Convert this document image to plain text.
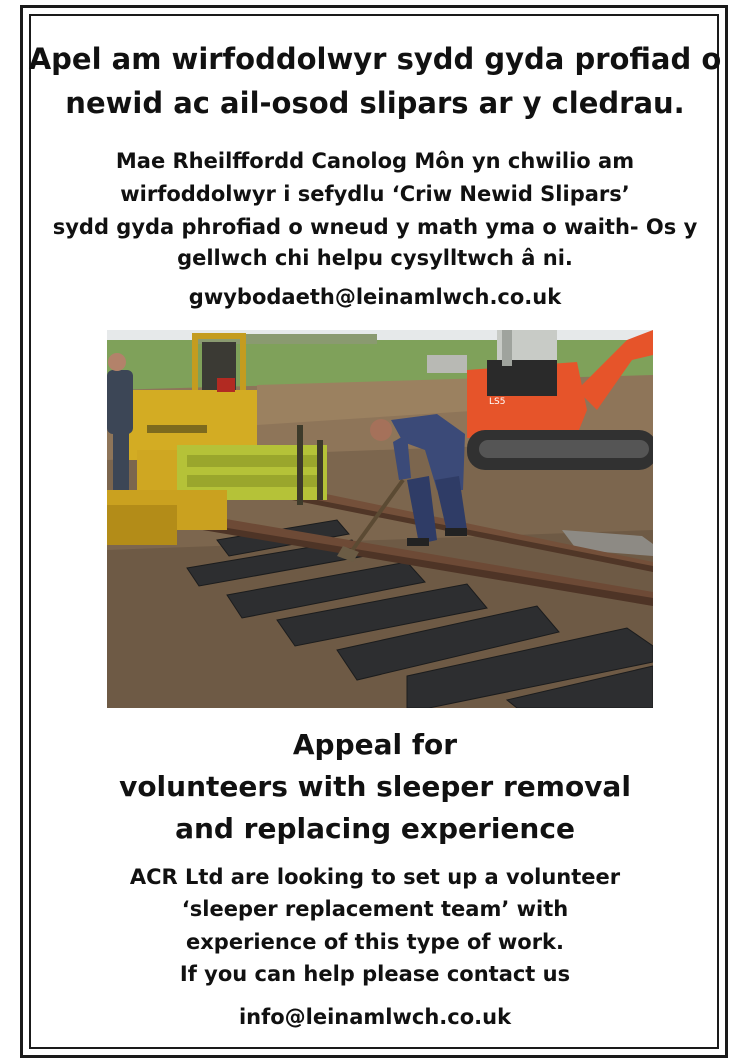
Apel am wirfoddolwyr sydd gyda profiad o

newid ac ail-osod slipars ar y cledrau.

Mae Rheilffordd Canolog Môn yn chwilio am

wirfoddolwyr i sefydlu ‘Criw Newid Slipars’

sydd gyda phrofiad o wneud y math yma o waith- Os y

gellwch chi helpu cysylltwch â ni.

gwybodaeth@leinamlwch.co.uk

LS5

Appeal for

volunteers with sleeper removal

and replacing experience

ACR Ltd are looking to set up a volunteer

‘sleeper replacement team’ with

experience of this type of work.

If you can help please contact us

info@leinamlwch.co.uk
